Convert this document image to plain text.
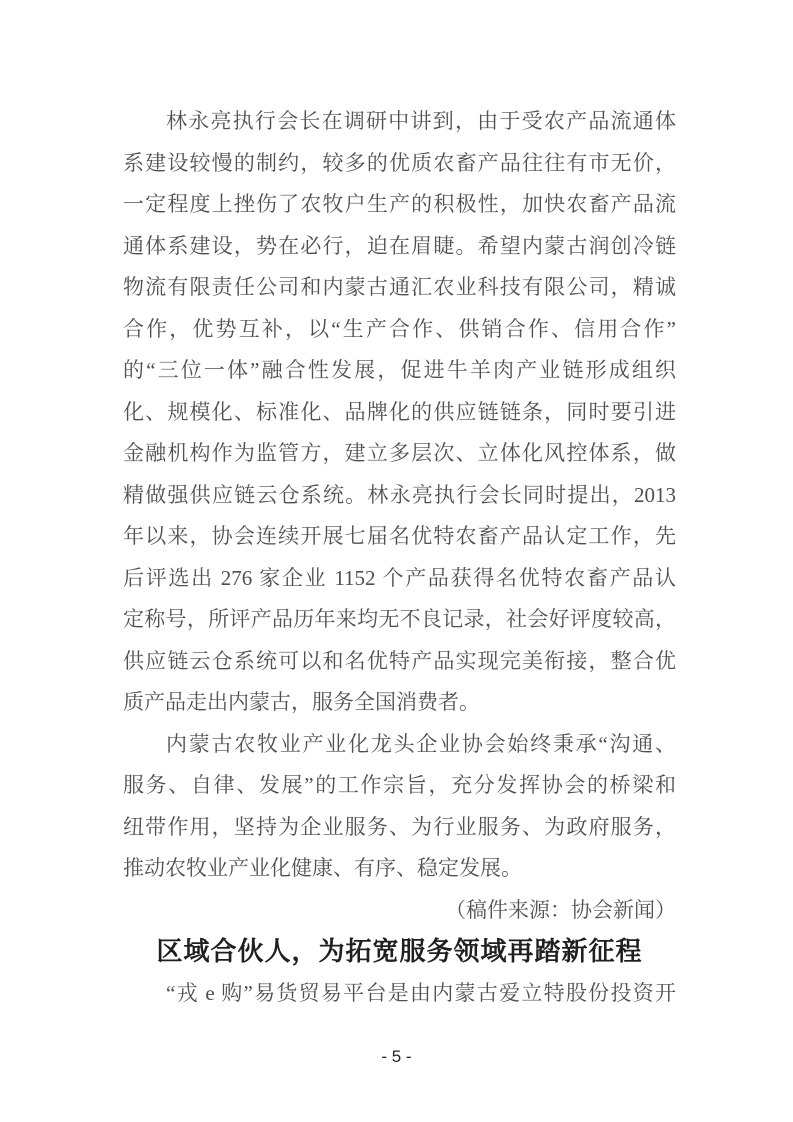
林永亮执行会长在调研中讲到，由于受农产品流通体
系建设较慢的制约，较多的优质农畜产品往往有市无价，
一定程度上挫伤了农牧户生产的积极性，加快农畜产品流
通体系建设，势在必行，迫在眉睫。希望内蒙古润创冷链
物流有限责任公司和内蒙古通汇农业科技有限公司，精诚
合作，优势互补，以“生产合作、供销合作、信用合作”
的“三位一体”融合性发展，促进牛羊肉产业链形成组织
化、规模化、标准化、品牌化的供应链链条，同时要引进
金融机构作为监管方，建立多层次、立体化风控体系，做
精做强供应链云仓系统。林永亮执行会长同时提出，2013
年以来，协会连续开展七届名优特农畜产品认定工作，先
后评选出 276 家企业 1152 个产品获得名优特农畜产品认
定称号，所评产品历年来均无不良记录，社会好评度较高，
供应链云仓系统可以和名优特产品实现完美衔接，整合优
质产品走出内蒙古，服务全国消费者。
内蒙古农牧业产业化龙头企业协会始终秉承“沟通、
服务、自律、发展”的工作宗旨，充分发挥协会的桥梁和
纽带作用，坚持为企业服务、为行业服务、为政府服务，
推动农牧业产业化健康、有序、稳定发展。
（稿件来源：协会新闻）
区域合伙人，为拓宽服务领域再踏新征程
“戎 e 购”易货贸易平台是由内蒙古爱立特股份投资开
- 5 -
